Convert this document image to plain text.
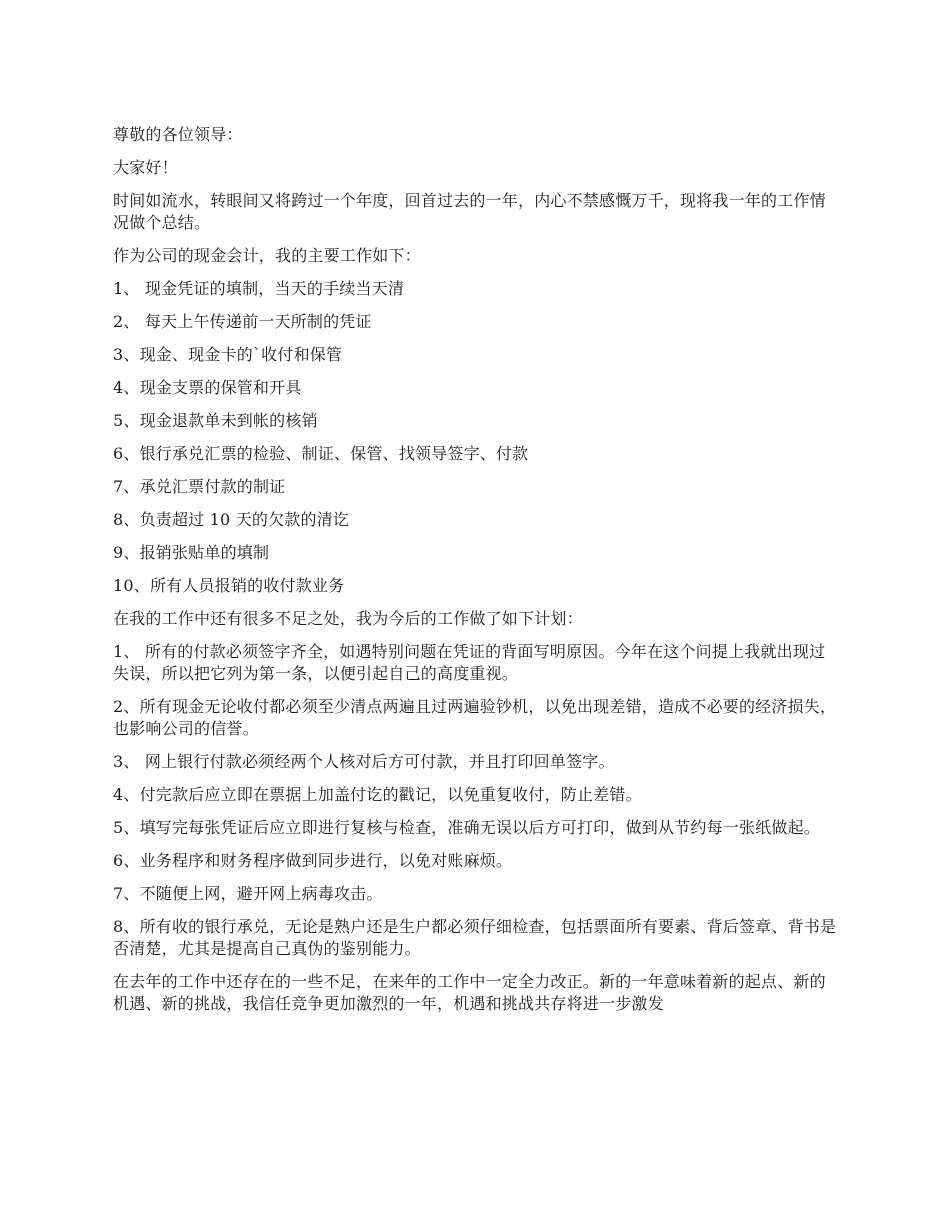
尊敬的各位领导：

大家好！

时间如流水，转眼间又将跨过一个年度，回首过去的一年，内心不禁感慨万千，现将我一年的工作情况做个总结。

作为公司的现金会计，我的主要工作如下：

1、 现金凭证的填制，当天的手续当天清

2、 每天上午传递前一天所制的凭证

3、现金、现金卡的`收付和保管

4、现金支票的保管和开具

5、现金退款单未到帐的核销

6、银行承兑汇票的检验、制证、保管、找领导签字、付款

7、承兑汇票付款的制证

8、负责超过 10 天的欠款的清讫

9、报销张贴单的填制

10、所有人员报销的收付款业务

在我的工作中还有很多不足之处，我为今后的工作做了如下计划：

1、 所有的付款必须签字齐全，如遇特别问题在凭证的背面写明原因。今年在这个问提上我就出现过失误，所以把它列为第一条，以便引起自己的高度重视。

2、所有现金无论收付都必须至少清点两遍且过两遍验钞机，以免出现差错，造成不必要的经济损失，也影响公司的信誉。

3、 网上银行付款必须经两个人核对后方可付款，并且打印回单签字。

4、付完款后应立即在票据上加盖付讫的戳记，以免重复收付，防止差错。

5、填写完每张凭证后应立即进行复核与检查，准确无误以后方可打印，做到从节约每一张纸做起。

6、业务程序和财务程序做到同步进行，以免对账麻烦。

7、不随便上网，避开网上病毒攻击。

8、所有收的银行承兑，无论是熟户还是生户都必须仔细检查，包括票面所有要素、背后签章、背书是否清楚，尤其是提高自己真伪的鉴别能力。

在去年的工作中还存在的一些不足，在来年的工作中一定全力改正。新的一年意味着新的起点、新的机遇、新的挑战，我信任竞争更加激烈的一年，机遇和挑战共存将进一步激发
